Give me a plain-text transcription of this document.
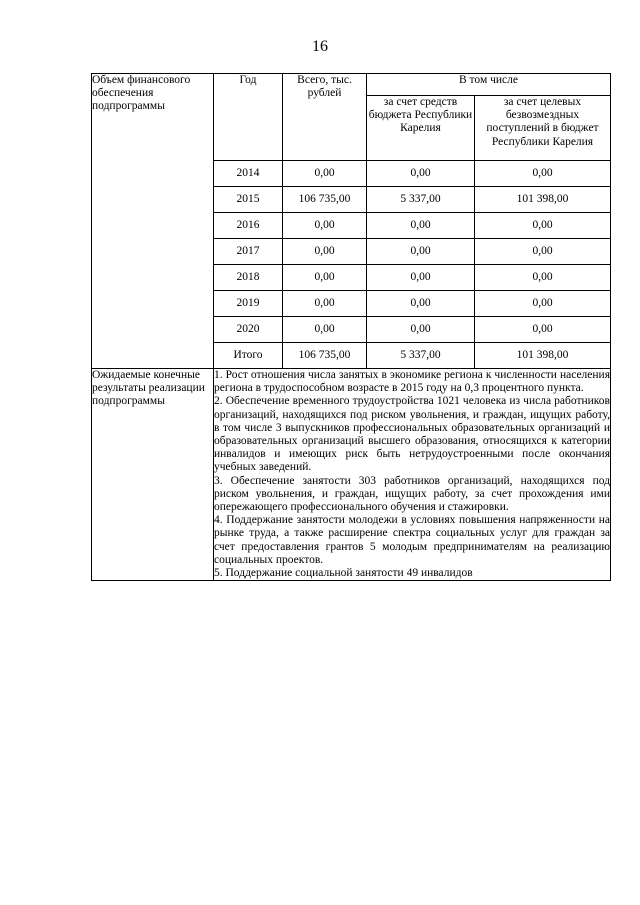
16
Объем финансового обеспечения подпрограммы	Год	Всего, тыс. рублей	В том числе	
			за счет средств бюджета Республики Карелия	за счет целевых безвозмездных поступлений в бюджет Республики Карелия
	2014	0,00	0,00	0,00
	2015	106 735,00	5 337,00	101 398,00
	2016	0,00	0,00	0,00
	2017	0,00	0,00	0,00
	2018	0,00	0,00	0,00
	2019	0,00	0,00	0,00
	2020	0,00	0,00	0,00
	Итого	106 735,00	5 337,00	101 398,00
Ожидаемые конечные результаты реализации подпрограммы	1. Рост отношения числа занятых в экономике региона к численности населения региона в трудоспособном возрасте в 2015 году на 0,3 процентного пункта.

2. Обеспечение временного трудоустройства 1021 человека из числа работников организаций, находящихся под риском увольнения, и граждан, ищущих работу, в том числе 3 выпускников профессиональных образовательных организаций и образовательных организаций высшего образования, относящихся к категории инвалидов и имеющих риск быть нетрудоустроенными после окончания учебных заведений.

3. Обеспечение занятости 303 работников организаций, находящихся под риском увольнения, и граждан, ищущих работу, за счет прохождения ими опережающего профессионального обучения и стажировки.

4. Поддержание занятости молодежи в условиях повышения напряженности на рынке труда, а также расширение спектра социальных услуг для граждан за счет предоставления грантов 5 молодым предпринимателям на реализацию социальных проектов.

5. Поддержание социальной занятости 49 инвалидов			
